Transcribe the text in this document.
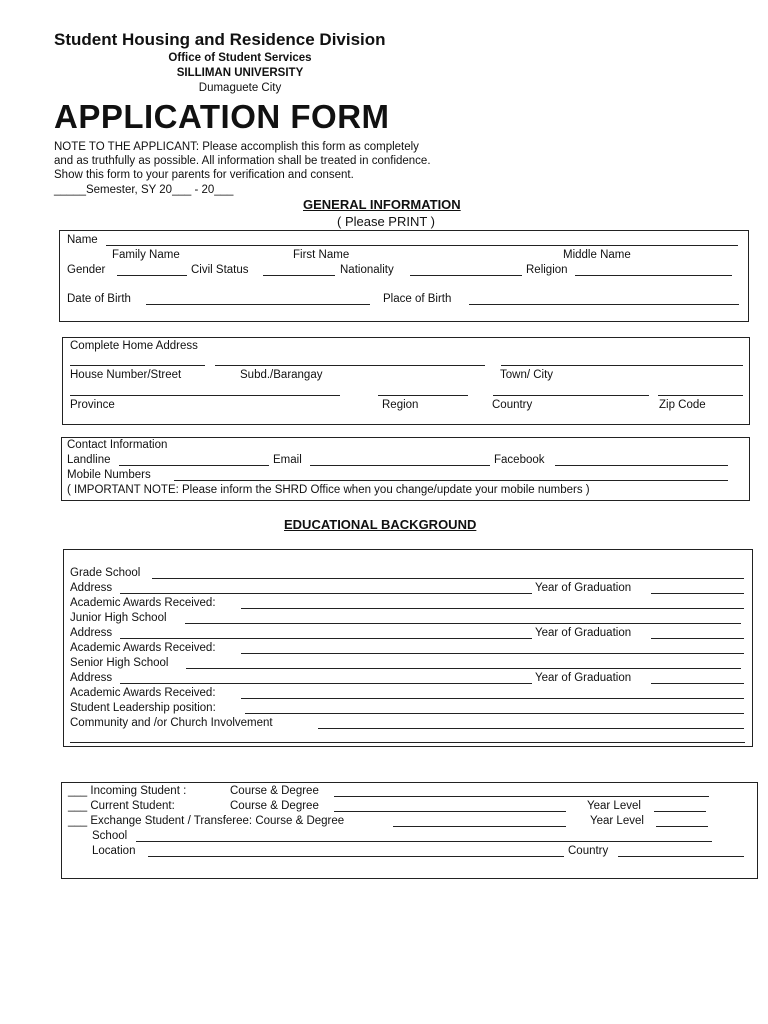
Student Housing and Residence Division
Office of Student Services
SILLIMAN UNIVERSITY
Dumaguete City
APPLICATION FORM
NOTE TO THE APPLICANT: Please accomplish this form as completely
and as truthfully as possible. All information shall be treated in confidence.
Show this form to your parents for verification and consent.
_____Semester, SY 20___ - 20___
GENERAL INFORMATION
( Please PRINT )
Name
Family Name	First Name	Middle Name
Gender	Civil Status	Nationality	Religion
Date of Birth	Place of Birth
Complete Home Address
House Number/Street	Subd./Barangay	Town/ City
Province	Region	Country	Zip Code
Contact Information
Landline	Email	Facebook
Mobile Numbers
( IMPORTANT NOTE: Please inform the SHRD Office when you change/update your mobile numbers )
EDUCATIONAL BACKGROUND
Grade School
Address	Year of Graduation
Academic Awards Received:
Junior High School
Address	Year of Graduation
Academic Awards Received:
Senior High School
Address	Year of Graduation
Academic Awards Received:
Student Leadership position:
Community and /or Church Involvement
___ Incoming Student :	Course & Degree
___ Current Student:	Course & Degree	Year Level
___ Exchange Student / Transferee: Course & Degree	Year Level
School
Location	Country
